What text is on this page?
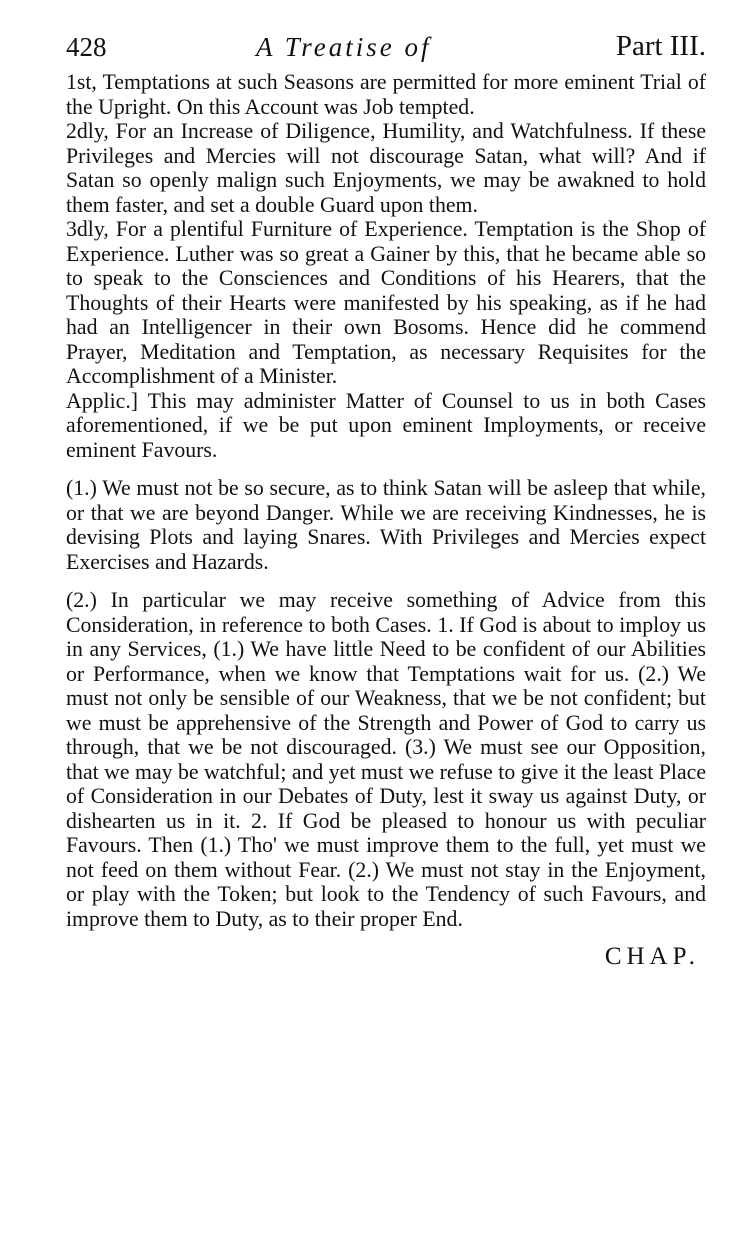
428	A Treatise of	Part III.

1st, Temptations at such Seasons are permitted for more eminent Trial of the Upright. On this Account was Job tempted.

2dly, For an Increase of Diligence, Humility, and Watchfulness. If these Privileges and Mercies will not discourage Satan, what will? And if Satan so openly malign such Enjoyments, we may be awakned to hold them faster, and set a double Guard upon them.

3dly, For a plentiful Furniture of Experience. Temptation is the Shop of Experience. Luther was so great a Gainer by this, that he became able so to speak to the Consciences and Conditions of his Hearers, that the Thoughts of their Hearts were manifested by his speaking, as if he had had an Intelligencer in their own Bosoms. Hence did he commend Prayer, Meditation and Temptation, as necessary Requisites for the Accomplishment of a Minister.

Applic.] This may administer Matter of Counsel to us in both Cases aforementioned, if we be put upon eminent Imployments, or receive eminent Favours.

(1.) We must not be so secure, as to think Satan will be asleep that while, or that we are beyond Danger. While we are receiving Kindnesses, he is devising Plots and laying Snares. With Privileges and Mercies expect Exercises and Hazards.

(2.) In particular we may receive something of Advice from this Consideration, in reference to both Cases. 1. If God is about to imploy us in any Services, (1.) We have little Need to be confident of our Abilities or Performance, when we know that Temptations wait for us. (2.) We must not only be sensible of our Weakness, that we be not confident; but we must be apprehensive of the Strength and Power of God to carry us through, that we be not discouraged. (3.) We must see our Opposition, that we may be watchful; and yet must we refuse to give it the least Place of Consideration in our Debates of Duty, lest it sway us against Duty, or dishearten us in it. 2. If God be pleased to honour us with peculiar Favours. Then (1.) Tho' we must improve them to the full, yet must we not feed on them without Fear. (2.) We must not stay in the Enjoyment, or play with the Token; but look to the Tendency of such Favours, and improve them to Duty, as to their proper End.

CHAP.
